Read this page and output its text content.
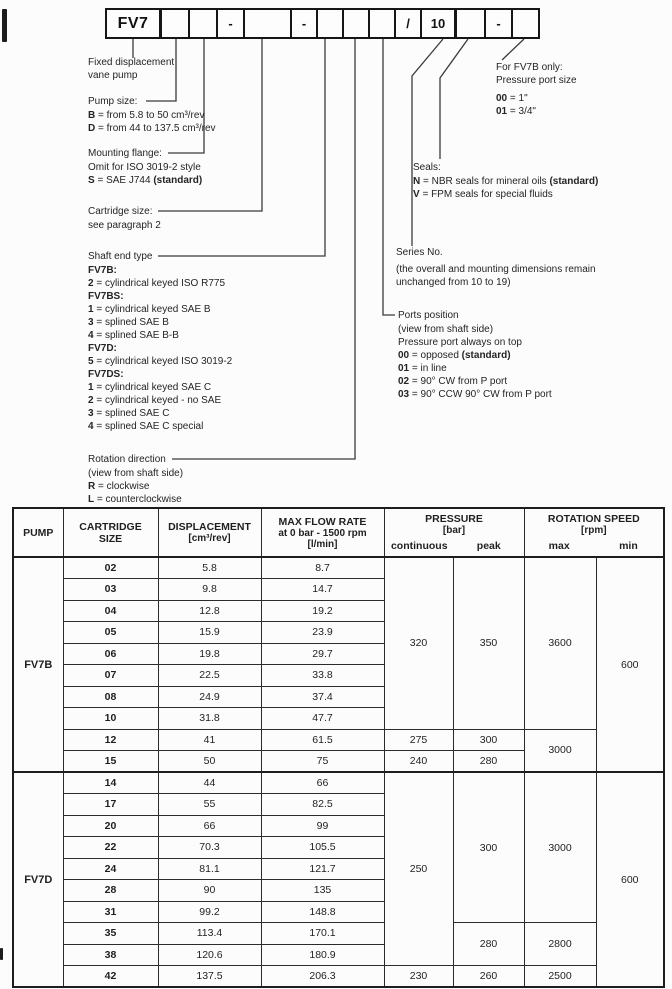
FV7	-	-	/	10	-
Fixed displacement
vane pump
Pump size:
B = from 5.8 to 50 cm³/rev
D = from 44 to 137.5 cm³/rev
Mounting flange:
Omit for ISO 3019-2 style
S = SAE J744 (standard)
Cartridge size:
see paragraph 2
Shaft end type
FV7B:
2 = cylindrical keyed ISO R775
FV7BS:
1 = cylindrical keyed SAE B
3 = splined SAE B
4 = splined SAE B-B
FV7D:
5 = cylindrical keyed ISO 3019-2
FV7DS:
1 = cylindrical keyed SAE C
2 = cylindrical keyed - no SAE
3 = splined SAE C
4 = splined SAE C special
Rotation direction
(view from shaft side)
R = clockwise
L = counterclockwise
For FV7B only:
Pressure port size
00 = 1"
01 = 3/4"
Seals:
N = NBR seals for mineral oils (standard)
V = FPM seals for special fluids
Series No.
(the overall and mounting dimensions remain
unchanged from 10 to 19)
Ports position
(view from shaft side)
Pressure port always on top
00 = opposed (standard)
01 = in line
02 = 90° CW from P port
03 = 90° CCW 90° CW from P port
PUMP	CARTRIDGE
SIZE

DISPLACEMENT
[cm³/rev]

MAX FLOW RATE
at 0 bar - 1500 rpm
[l/min]

PRESSURE
[bar]
continuous	peak

ROTATION SPEED
[rpm]
max	min

FV7B	02	5.8	8.7	320	350	3600	600
	03	9.8	14.7				
	04	12.8	19.2				
	05	15.9	23.9				
	06	19.8	29.7				
	07	22.5	33.8				
	08	24.9	37.4				
	10	31.8	47.7				
	12	41	61.5	275	300	3000	
	15	50	75	240	280		
FV7D	14	44	66	250	300	3000	600
	17	55	82.5				
	20	66	99				
	22	70.3	105.5				
	24	81.1	121.7				
	28	90	135				
	31	99.2	148.8				
	35	113.4	170.1		280	2800	
	38	120.6	180.9				
	42	137.5	206.3	230	260	2500	
